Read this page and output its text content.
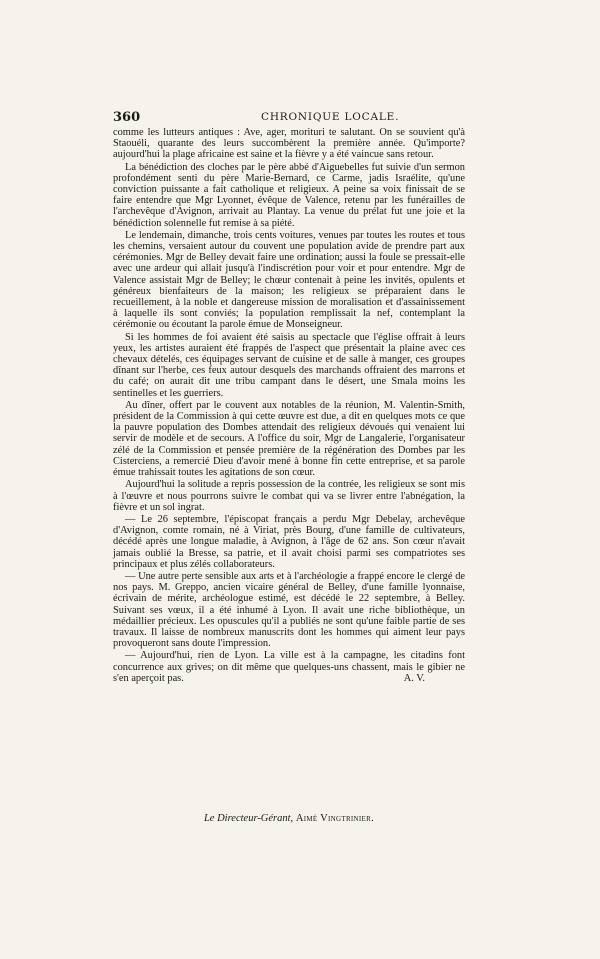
360	CHRONIQUE LOCALE.

comme les lutteurs antiques : Ave, ager, morituri te salutant. On se souvient qu'à Staouéli, quarante des leurs succombèrent la première année. Qu'importe? aujourd'hui la plage africaine est saine et la fièvre y a été vaincue sans retour.

La bénédiction des cloches par le père abbé d'Aiguebelles fut suivie d'un sermon profondément senti du père Marie-Bernard, ce Carme, jadis Israélite, qu'une conviction puissante a fait catholique et religieux. A peine sa voix finissait de se faire entendre que Mgr Lyonnet, évêque de Valence, retenu par les funérailles de l'archevêque d'Avignon, arrivait au Plantay. La venue du prélat fut une joie et la bénédiction solennelle fut remise à sa piété.

Le lendemain, dimanche, trois cents voitures, venues par toutes les routes et tous les chemins, versaient autour du couvent une population avide de prendre part aux cérémonies. Mgr de Belley devait faire une ordination; aussi la foule se pressait-elle avec une ardeur qui allait jusqu'à l'indiscrétion pour voir et pour entendre. Mgr de Valence assistait Mgr de Belley; le chœur contenait à peine les invités, opulents et généreux bienfaiteurs de la maison; les religieux se préparaient dans le recueillement, à la noble et dangereuse mission de moralisation et d'assainissement à laquelle ils sont conviés; la population remplissait la nef, contemplant la cérémonie ou écoutant la parole émue de Monseigneur.

Si les hommes de foi avaient été saisis au spectacle que l'église offrait à leurs yeux, les artistes auraient été frappés de l'aspect que présentait la plaine avec ces chevaux dételés, ces équipages servant de cuisine et de salle à manger, ces groupes dînant sur l'herbe, ces feux autour desquels des marchands offraient des marrons et du café; on aurait dit une tribu campant dans le désert, une Smala moins les sentinelles et les guerriers.

Au dîner, offert par le couvent aux notables de la réunion, M. Valentin-Smith, président de la Commission à qui cette œuvre est due, a dit en quelques mots ce que la pauvre population des Dombes attendait des religieux dévoués qui venaient lui servir de modèle et de secours. A l'office du soir, Mgr de Langalerie, l'organisateur zélé de la Commission et pensée première de la régénération des Dombes par les Cisterciens, a remercié Dieu d'avoir mené à bonne fin cette entreprise, et sa parole émue trahissait toutes les agitations de son cœur.

Aujourd'hui la solitude a repris possession de la contrée, les religieux se sont mis à l'œuvre et nous pourrons suivre le combat qui va se livrer entre l'abnégation, la fièvre et un sol ingrat.

— Le 26 septembre, l'épiscopat français a perdu Mgr Debelay, archevêque d'Avignon, comte romain, né à Viriat, près Bourg, d'une famille de cultivateurs, décédé après une longue maladie, à Avignon, à l'âge de 62 ans. Son cœur n'avait jamais oublié la Bresse, sa patrie, et il avait choisi parmi ses compatriotes ses principaux et plus zélés collaborateurs.

— Une autre perte sensible aux arts et à l'archéologie a frappé encore le clergé de nos pays. M. Greppo, ancien vicaire général de Belley, d'une famille lyonnaise, écrivain de mérite, archéologue estimé, est décédé le 22 septembre, à Belley. Suivant ses vœux, il a été inhumé à Lyon. Il avait une riche bibliothèque, un médaillier précieux. Les opuscules qu'il a publiés ne sont qu'une faible partie de ses travaux. Il laisse de nombreux manuscrits dont les hommes qui aiment leur pays provoqueront sans doute l'impression.

— Aujourd'hui, rien de Lyon. La ville est à la campagne, les citadins font concurrence aux grives; on dit même que quelques-uns chassent, mais le gibier ne s'en aperçoit pas.	A. V.

Le Directeur-Gérant, Aimé Vingtrinier.
